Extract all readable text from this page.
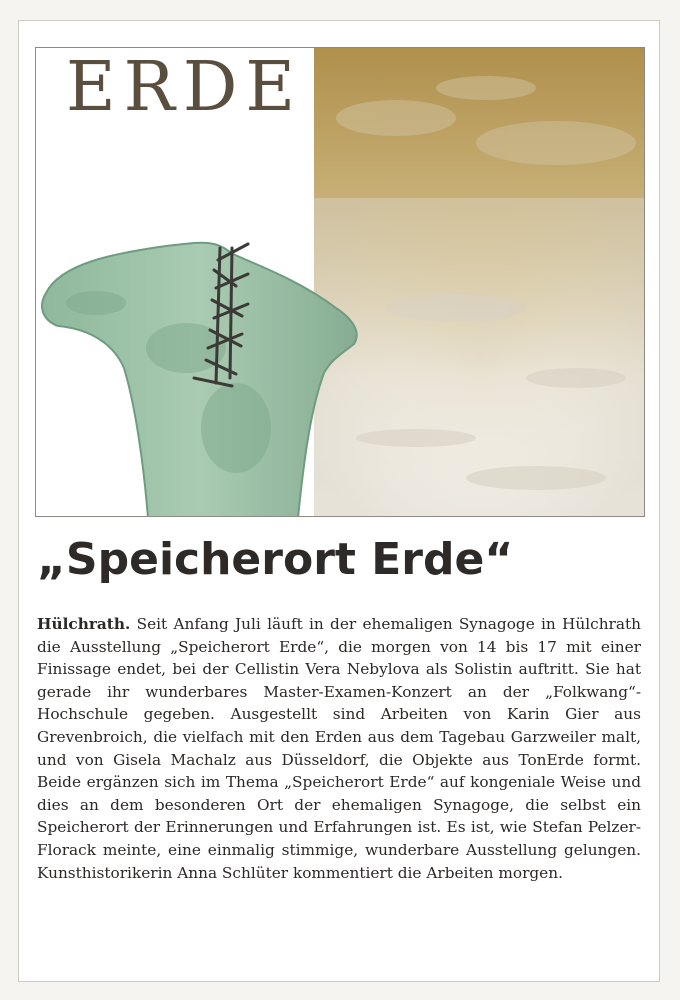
ERDE
„Speicherort Erde“
Hülchrath. Seit Anfang Juli läuft in der ehemaligen Synagoge in Hülchrath die Ausstellung „Speicherort Erde“, die morgen von 14 bis 17 mit einer Finissage endet, bei der Cellistin Vera Nebylova als Solistin auftritt. Sie hat gerade ihr wunderbares Master-Examen-Konzert an der „Folkwang“-Hochschule gegeben. Ausgestellt sind Arbeiten von Karin Gier aus Grevenbroich, die vielfach mit den Erden aus dem Tagebau Garzweiler malt, und von Gisela Machalz aus Düsseldorf, die Objekte aus TonErde formt. Beide ergänzen sich im Thema „Speicherort Erde“ auf kongeniale Weise und dies an dem besonderen Ort der ehemaligen Synagoge, die selbst ein Speicherort der Erinnerungen und Erfahrungen ist. Es ist, wie Stefan Pelzer-Florack meinte, eine einmalig stimmige, wunderbare Ausstellung gelungen. Kunsthistorikerin Anna Schlüter kommentiert die Arbeiten morgen.
